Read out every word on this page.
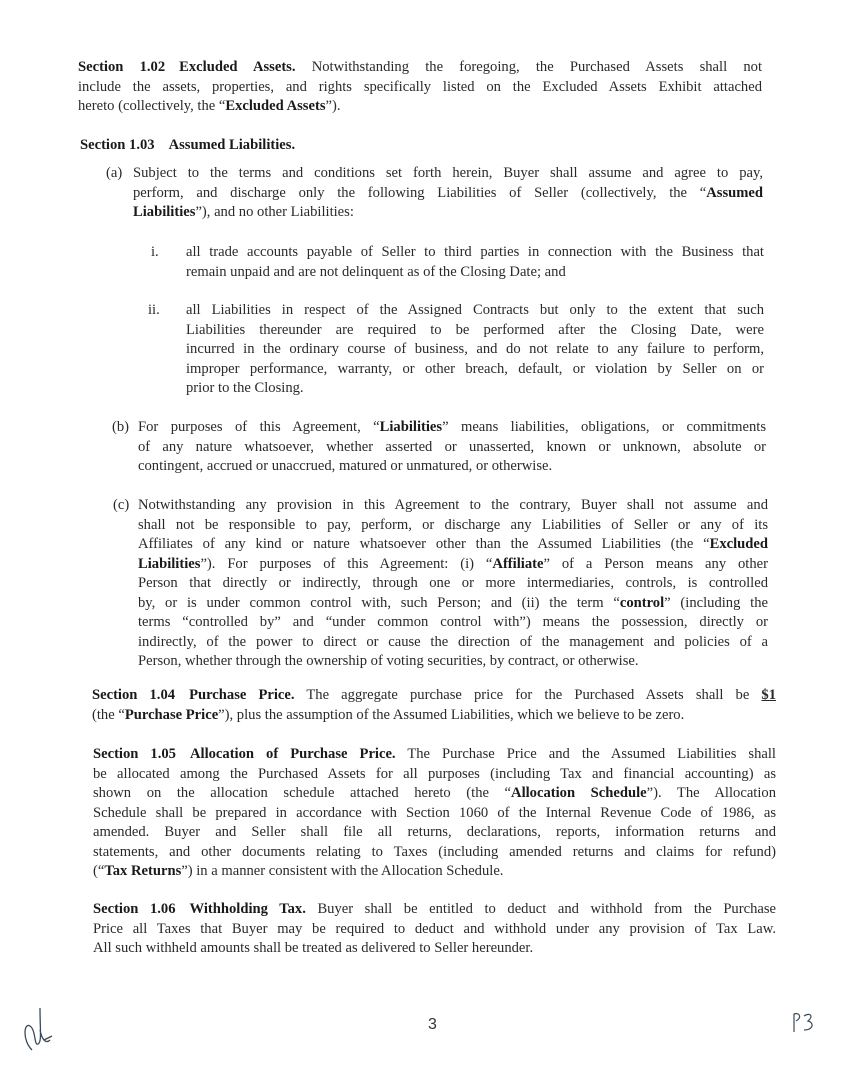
Section 1.02 Excluded Assets. Notwithstanding the foregoing, the Purchased Assets shall not
include the assets, properties, and rights specifically listed on the Excluded Assets Exhibit attached
hereto (collectively, the “Excluded Assets”).
Section 1.03 Assumed Liabilities.
(a) Subject to the terms and conditions set forth herein, Buyer shall assume and agree to pay,
perform, and discharge only the following Liabilities of Seller (collectively, the “Assumed
Liabilities”), and no other Liabilities:
i. all trade accounts payable of Seller to third parties in connection with the Business that
remain unpaid and are not delinquent as of the Closing Date; and
ii. all Liabilities in respect of the Assigned Contracts but only to the extent that such
Liabilities thereunder are required to be performed after the Closing Date, were
incurred in the ordinary course of business, and do not relate to any failure to perform,
improper performance, warranty, or other breach, default, or violation by Seller on or
prior to the Closing.
(b) For purposes of this Agreement, “Liabilities” means liabilities, obligations, or commitments
of any nature whatsoever, whether asserted or unasserted, known or unknown, absolute or
contingent, accrued or unaccrued, matured or unmatured, or otherwise.
(c) Notwithstanding any provision in this Agreement to the contrary, Buyer shall not assume and
shall not be responsible to pay, perform, or discharge any Liabilities of Seller or any of its
Affiliates of any kind or nature whatsoever other than the Assumed Liabilities (the “Excluded
Liabilities”). For purposes of this Agreement: (i) “Affiliate” of a Person means any other
Person that directly or indirectly, through one or more intermediaries, controls, is controlled
by, or is under common control with, such Person; and (ii) the term “control” (including the
terms “controlled by” and “under common control with”) means the possession, directly or
indirectly, of the power to direct or cause the direction of the management and policies of a
Person, whether through the ownership of voting securities, by contract, or otherwise.
Section 1.04 Purchase Price. The aggregate purchase price for the Purchased Assets shall be $1
(the “Purchase Price”), plus the assumption of the Assumed Liabilities, which we believe to be zero.
Section 1.05 Allocation of Purchase Price. The Purchase Price and the Assumed Liabilities shall
be allocated among the Purchased Assets for all purposes (including Tax and financial accounting) as
shown on the allocation schedule attached hereto (the “Allocation Schedule”). The Allocation
Schedule shall be prepared in accordance with Section 1060 of the Internal Revenue Code of 1986, as
amended. Buyer and Seller shall file all returns, declarations, reports, information returns and
statements, and other documents relating to Taxes (including amended returns and claims for refund)
(“Tax Returns”) in a manner consistent with the Allocation Schedule.
Section 1.06 Withholding Tax. Buyer shall be entitled to deduct and withhold from the Purchase
Price all Taxes that Buyer may be required to deduct and withhold under any provision of Tax Law.
All such withheld amounts shall be treated as delivered to Seller hereunder.
3
